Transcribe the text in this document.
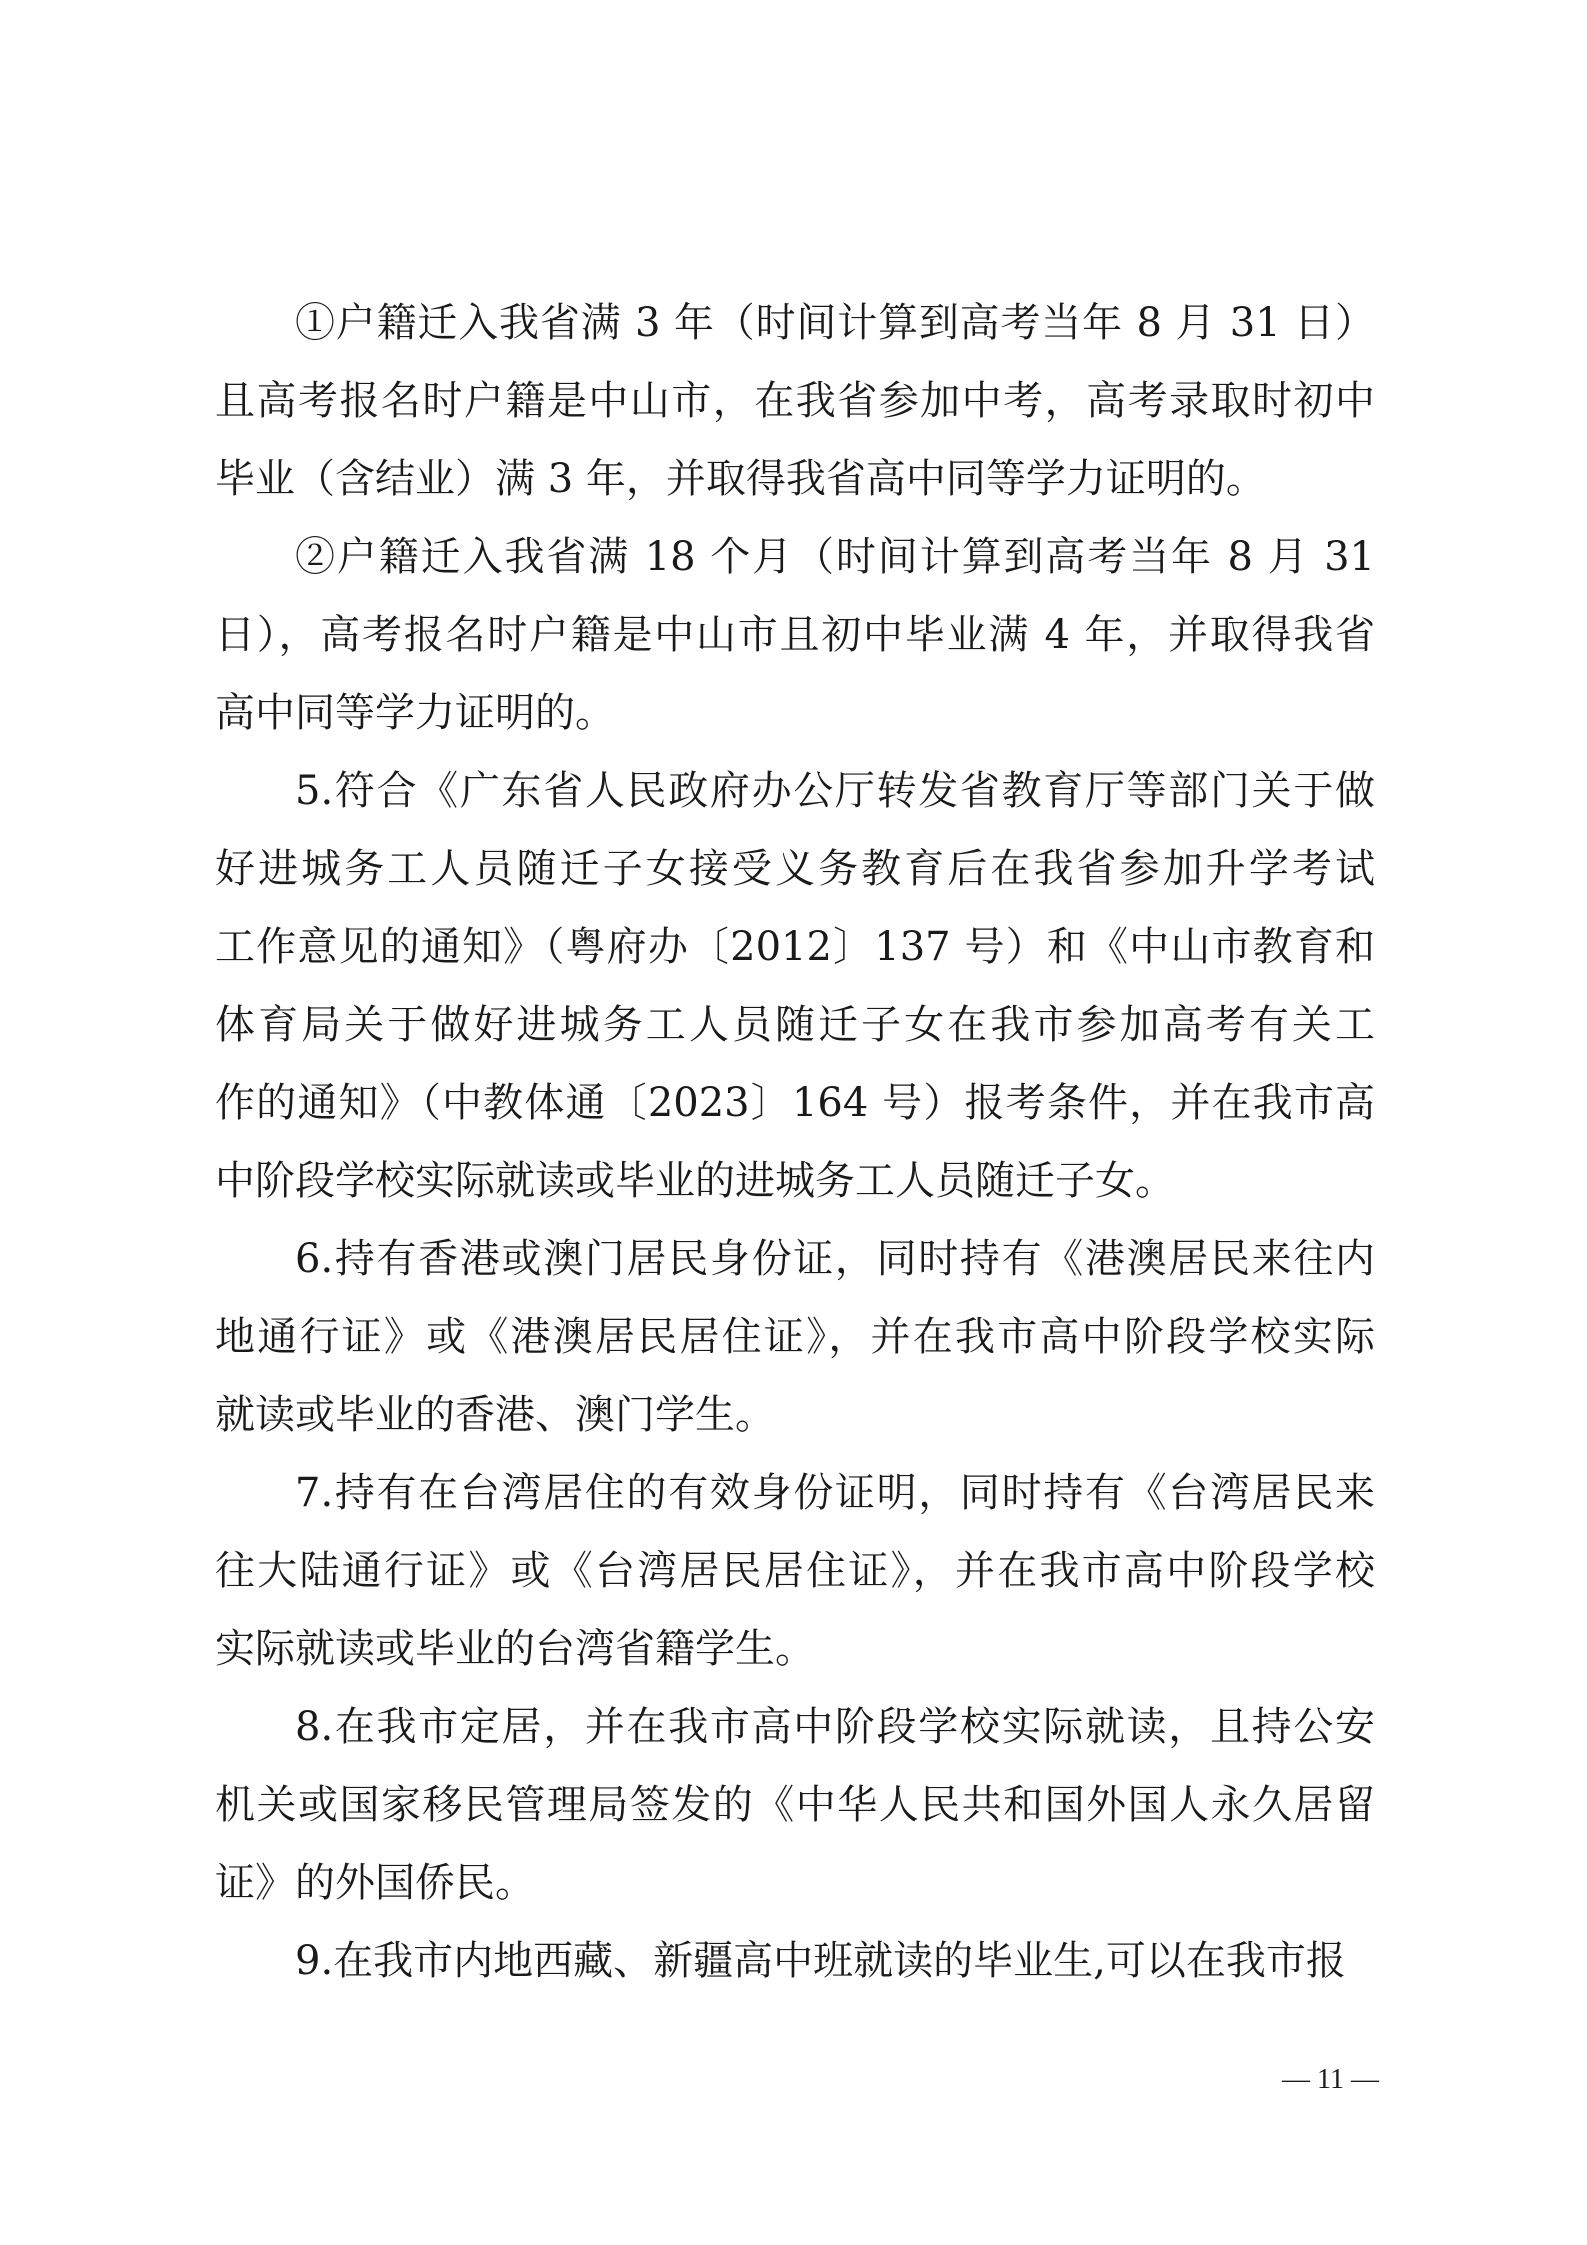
①户籍迁入我省满 3 年（时间计算到高考当年 8 月 31 日）
且高考报名时户籍是中山市，在我省参加中考，高考录取时初中
毕业（含结业）满 3 年，并取得我省高中同等学力证明的。
②户籍迁入我省满 18 个月（时间计算到高考当年 8 月 31
日），高考报名时户籍是中山市且初中毕业满 4 年，并取得我省
高中同等学力证明的。
5.符合《广东省人民政府办公厅转发省教育厅等部门关于做
好进城务工人员随迁子女接受义务教育后在我省参加升学考试
工作意见的通知》（粤府办〔2012〕137 号）和《中山市教育和
体育局关于做好进城务工人员随迁子女在我市参加高考有关工
作的通知》（中教体通〔2023〕164 号）报考条件，并在我市高
中阶段学校实际就读或毕业的进城务工人员随迁子女。
6.持有香港或澳门居民身份证，同时持有《港澳居民来往内
地通行证》或《港澳居民居住证》，并在我市高中阶段学校实际
就读或毕业的香港、澳门学生。
7.持有在台湾居住的有效身份证明，同时持有《台湾居民来
往大陆通行证》或《台湾居民居住证》，并在我市高中阶段学校
实际就读或毕业的台湾省籍学生。
8.在我市定居，并在我市高中阶段学校实际就读，且持公安
机关或国家移民管理局签发的《中华人民共和国外国人永久居留
证》的外国侨民。
9.在我市内地西藏、新疆高中班就读的毕业生,可以在我市报
— 11 —
